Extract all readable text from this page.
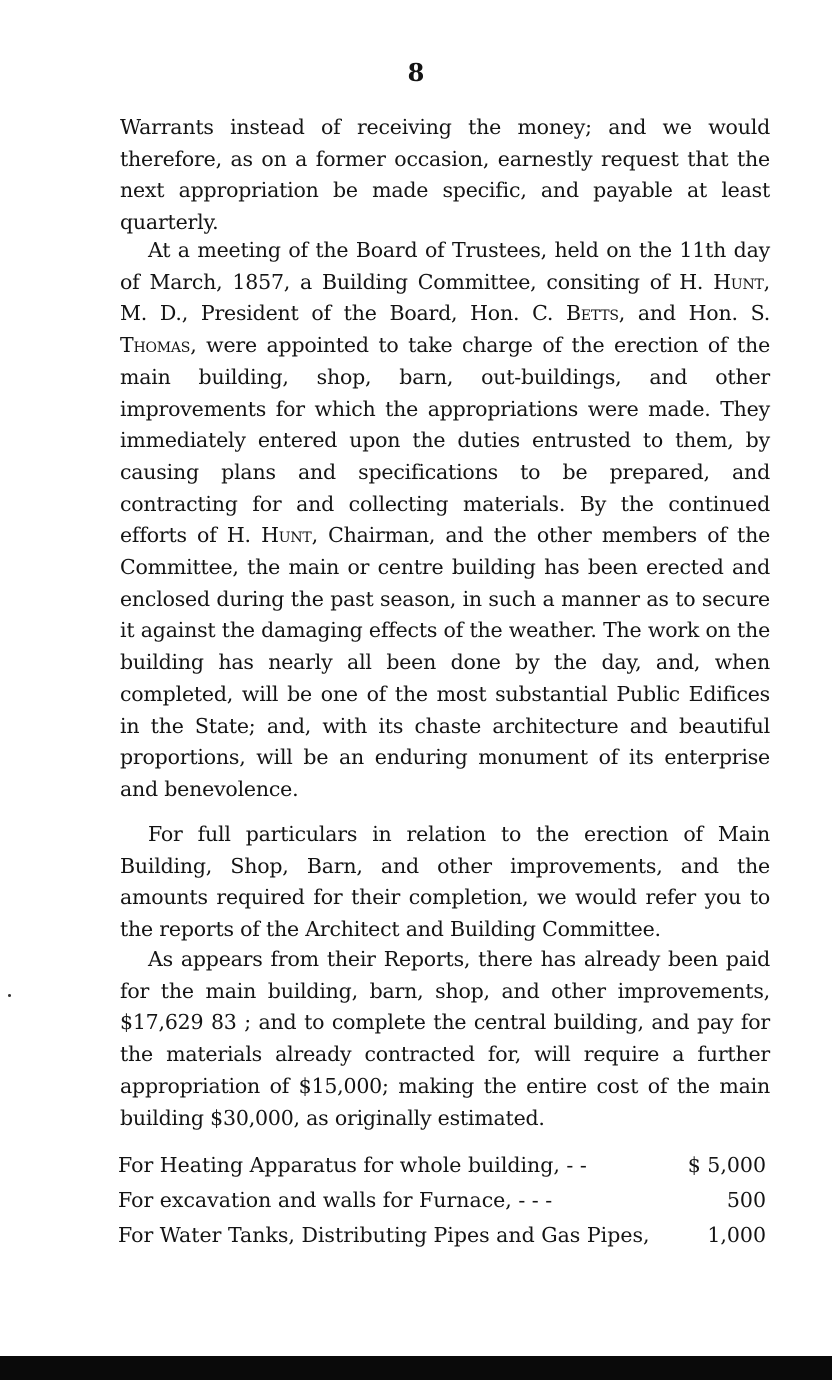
8

Warrants instead of receiving the money; and we would therefore, as on a former occasion, earnestly request that the next appropriation be made specific, and payable at least quarterly.

At a meeting of the Board of Trustees, held on the 11th day of March, 1857, a Building Committee, consiting of H. Hunt, M. D., President of the Board, Hon. C. Betts, and Hon. S. Thomas, were appointed to take charge of the erection of the main building, shop, barn, out-buildings, and other improvements for which the appropriations were made. They immediately entered upon the duties entrusted to them, by causing plans and specifications to be prepared, and contracting for and collecting materials. By the continued efforts of H. Hunt, Chairman, and the other members of the Committee, the main or centre building has been erected and enclosed during the past season, in such a manner as to secure it against the damaging effects of the weather. The work on the building has nearly all been done by the day, and, when completed, will be one of the most substantial Public Edifices in the State; and, with its chaste architecture and beautiful proportions, will be an enduring monument of its enterprise and benevolence.

For full particulars in relation to the erection of Main Building, Shop, Barn, and other improvements, and the amounts required for their completion, we would refer you to the reports of the Architect and Building Committee.

As appears from their Reports, there has already been paid for the main building, barn, shop, and other improvements, $17,629 83 ; and to complete the central building, and pay for the materials already contracted for, will require a further appropriation of $15,000; making the entire cost of the main building $30,000, as originally estimated.

For Heating Apparatus for whole building, - -	$ 5,000
For excavation and walls for Furnace, - - -	500
For Water Tanks, Distributing Pipes and Gas Pipes,	1,000
